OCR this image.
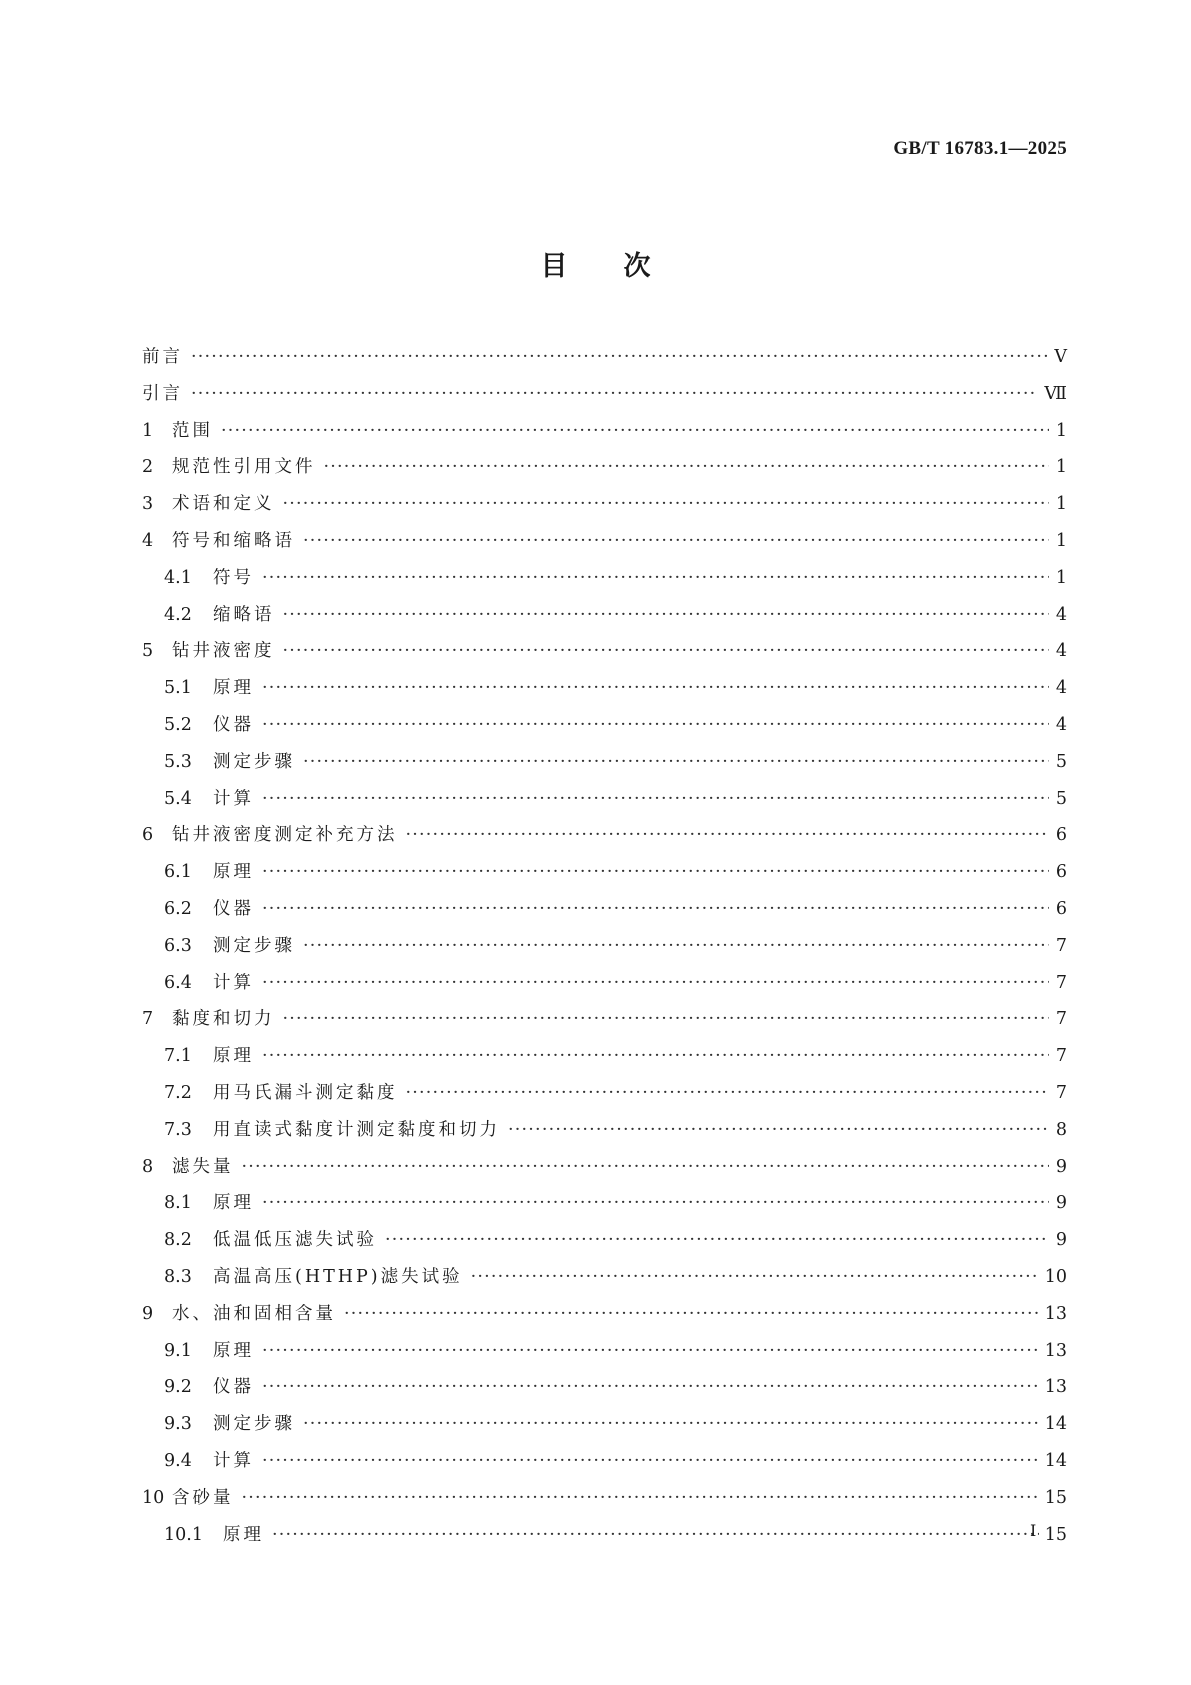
GB/T 16783.1—2025
目次
前言 ·····	Ⅴ
引言 ·····	Ⅶ
1	范围 ·····	1
2	规范性引用文件 ·····	1
3	术语和定义 ·····	1
4	符号和缩略语 ·····	1
4.1	符号 ·····	1
4.2	缩略语 ·····	4
5	钻井液密度 ·····	4
5.1	原理 ·····	4
5.2	仪器 ·····	4
5.3	测定步骤 ·····	5
5.4	计算 ·····	5
6	钻井液密度测定补充方法 ·····	6
6.1	原理 ·····	6
6.2	仪器 ·····	6
6.3	测定步骤 ·····	7
6.4	计算 ·····	7
7	黏度和切力 ·····	7
7.1	原理 ·····	7
7.2	用马氏漏斗测定黏度 ·····	7
7.3	用直读式黏度计测定黏度和切力 ·····	8
8	滤失量 ·····	9
8.1	原理 ·····	9
8.2	低温低压滤失试验 ·····	9
8.3	高温高压(HTHP)滤失试验 ·····	10
9	水、油和固相含量 ·····	13
9.1	原理 ·····	13
9.2	仪器 ·····	13
9.3	测定步骤 ·····	14
9.4	计算 ·····	14
10 含砂量 ·····	15
10.1	原理 ·····	15
Ⅰ
